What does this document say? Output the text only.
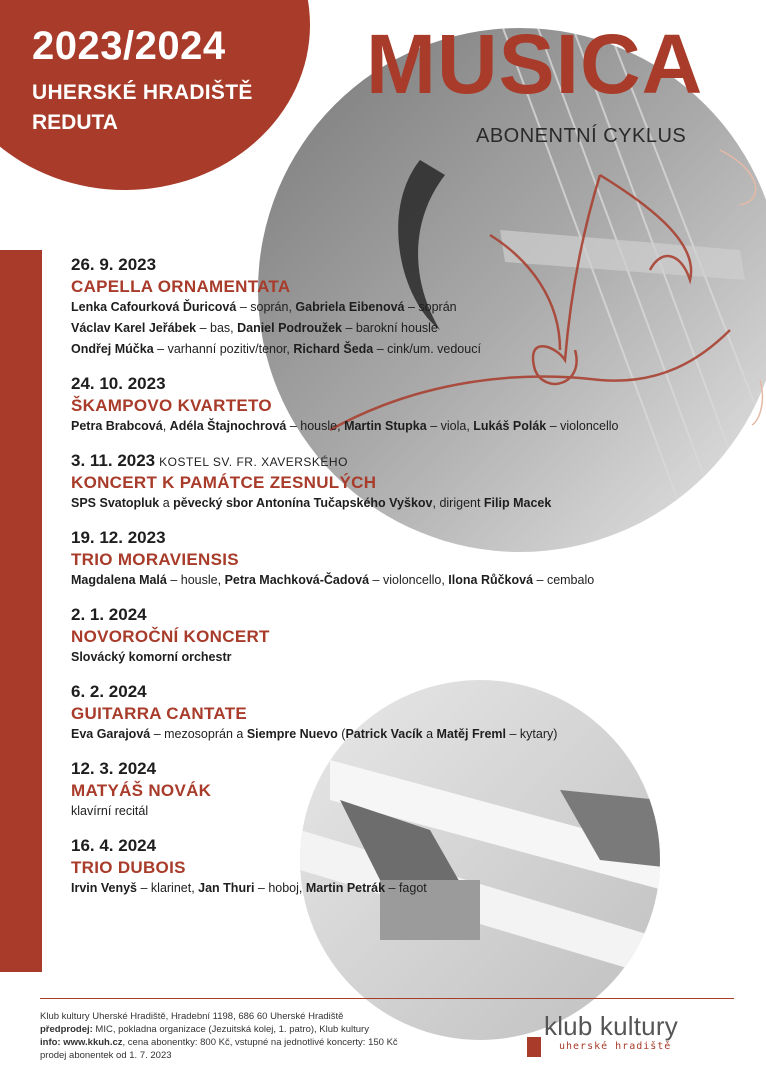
2023/2024
UHERSKÉ HRADIŠTĚ
REDUTA
MUSICA
ABONENTNÍ CYKLUS
26. 9. 2023
CAPELLA ORNAMENTATA
Lenka Cafourková Ďuricová – soprán, Gabriela Eibenová – soprán
Václav Karel Jeřábek – bas, Daniel Podroužek – barokní housle
Ondřej Múčka – varhanní pozitiv/tenor, Richard Šeda – cink/um. vedoucí
24. 10. 2023
ŠKAMPOVO KVARTETO
Petra Brabcová, Adéla Štajnochrová – housle, Martin Stupka – viola, Lukáš Polák – violoncello
3. 11. 2023 KOSTEL SV. FR. XAVERSKÉHO
KONCERT K PAMÁTCE ZESNULÝCH
SPS Svatopluk a pěvecký sbor Antonína Tučapského Vyškov, dirigent Filip Macek
19. 12. 2023
TRIO MORAVIENSIS
Magdalena Malá – housle, Petra Machková-Čadová – violoncello, Ilona Růčková – cembalo
2. 1. 2024
NOVOROČNÍ KONCERT
Slovácký komorní orchestr
6. 2. 2024
GUITARRA CANTATE
Eva Garajová – mezosoprán a Siempre Nuevo (Patrick Vacík a Matěj Freml – kytary)
12. 3. 2024
MATYÁŠ NOVÁK
klavírní recitál
16. 4. 2024
TRIO DUBOIS
Irvin Venyš – klarinet, Jan Thuri – hoboj, Martin Petrák – fagot
Klub kultury Uherské Hradiště, Hradební 1198, 686 60 Uherské Hradiště
předprodej: MIC, pokladna organizace (Jezuitská kolej, 1. patro), Klub kultury
info: www.kkuh.cz, cena abonentky: 800 Kč, vstupné na jednotlivé koncerty: 150 Kč
prodej abonentek od 1. 7. 2023
klub kultury
uherské hradiště
